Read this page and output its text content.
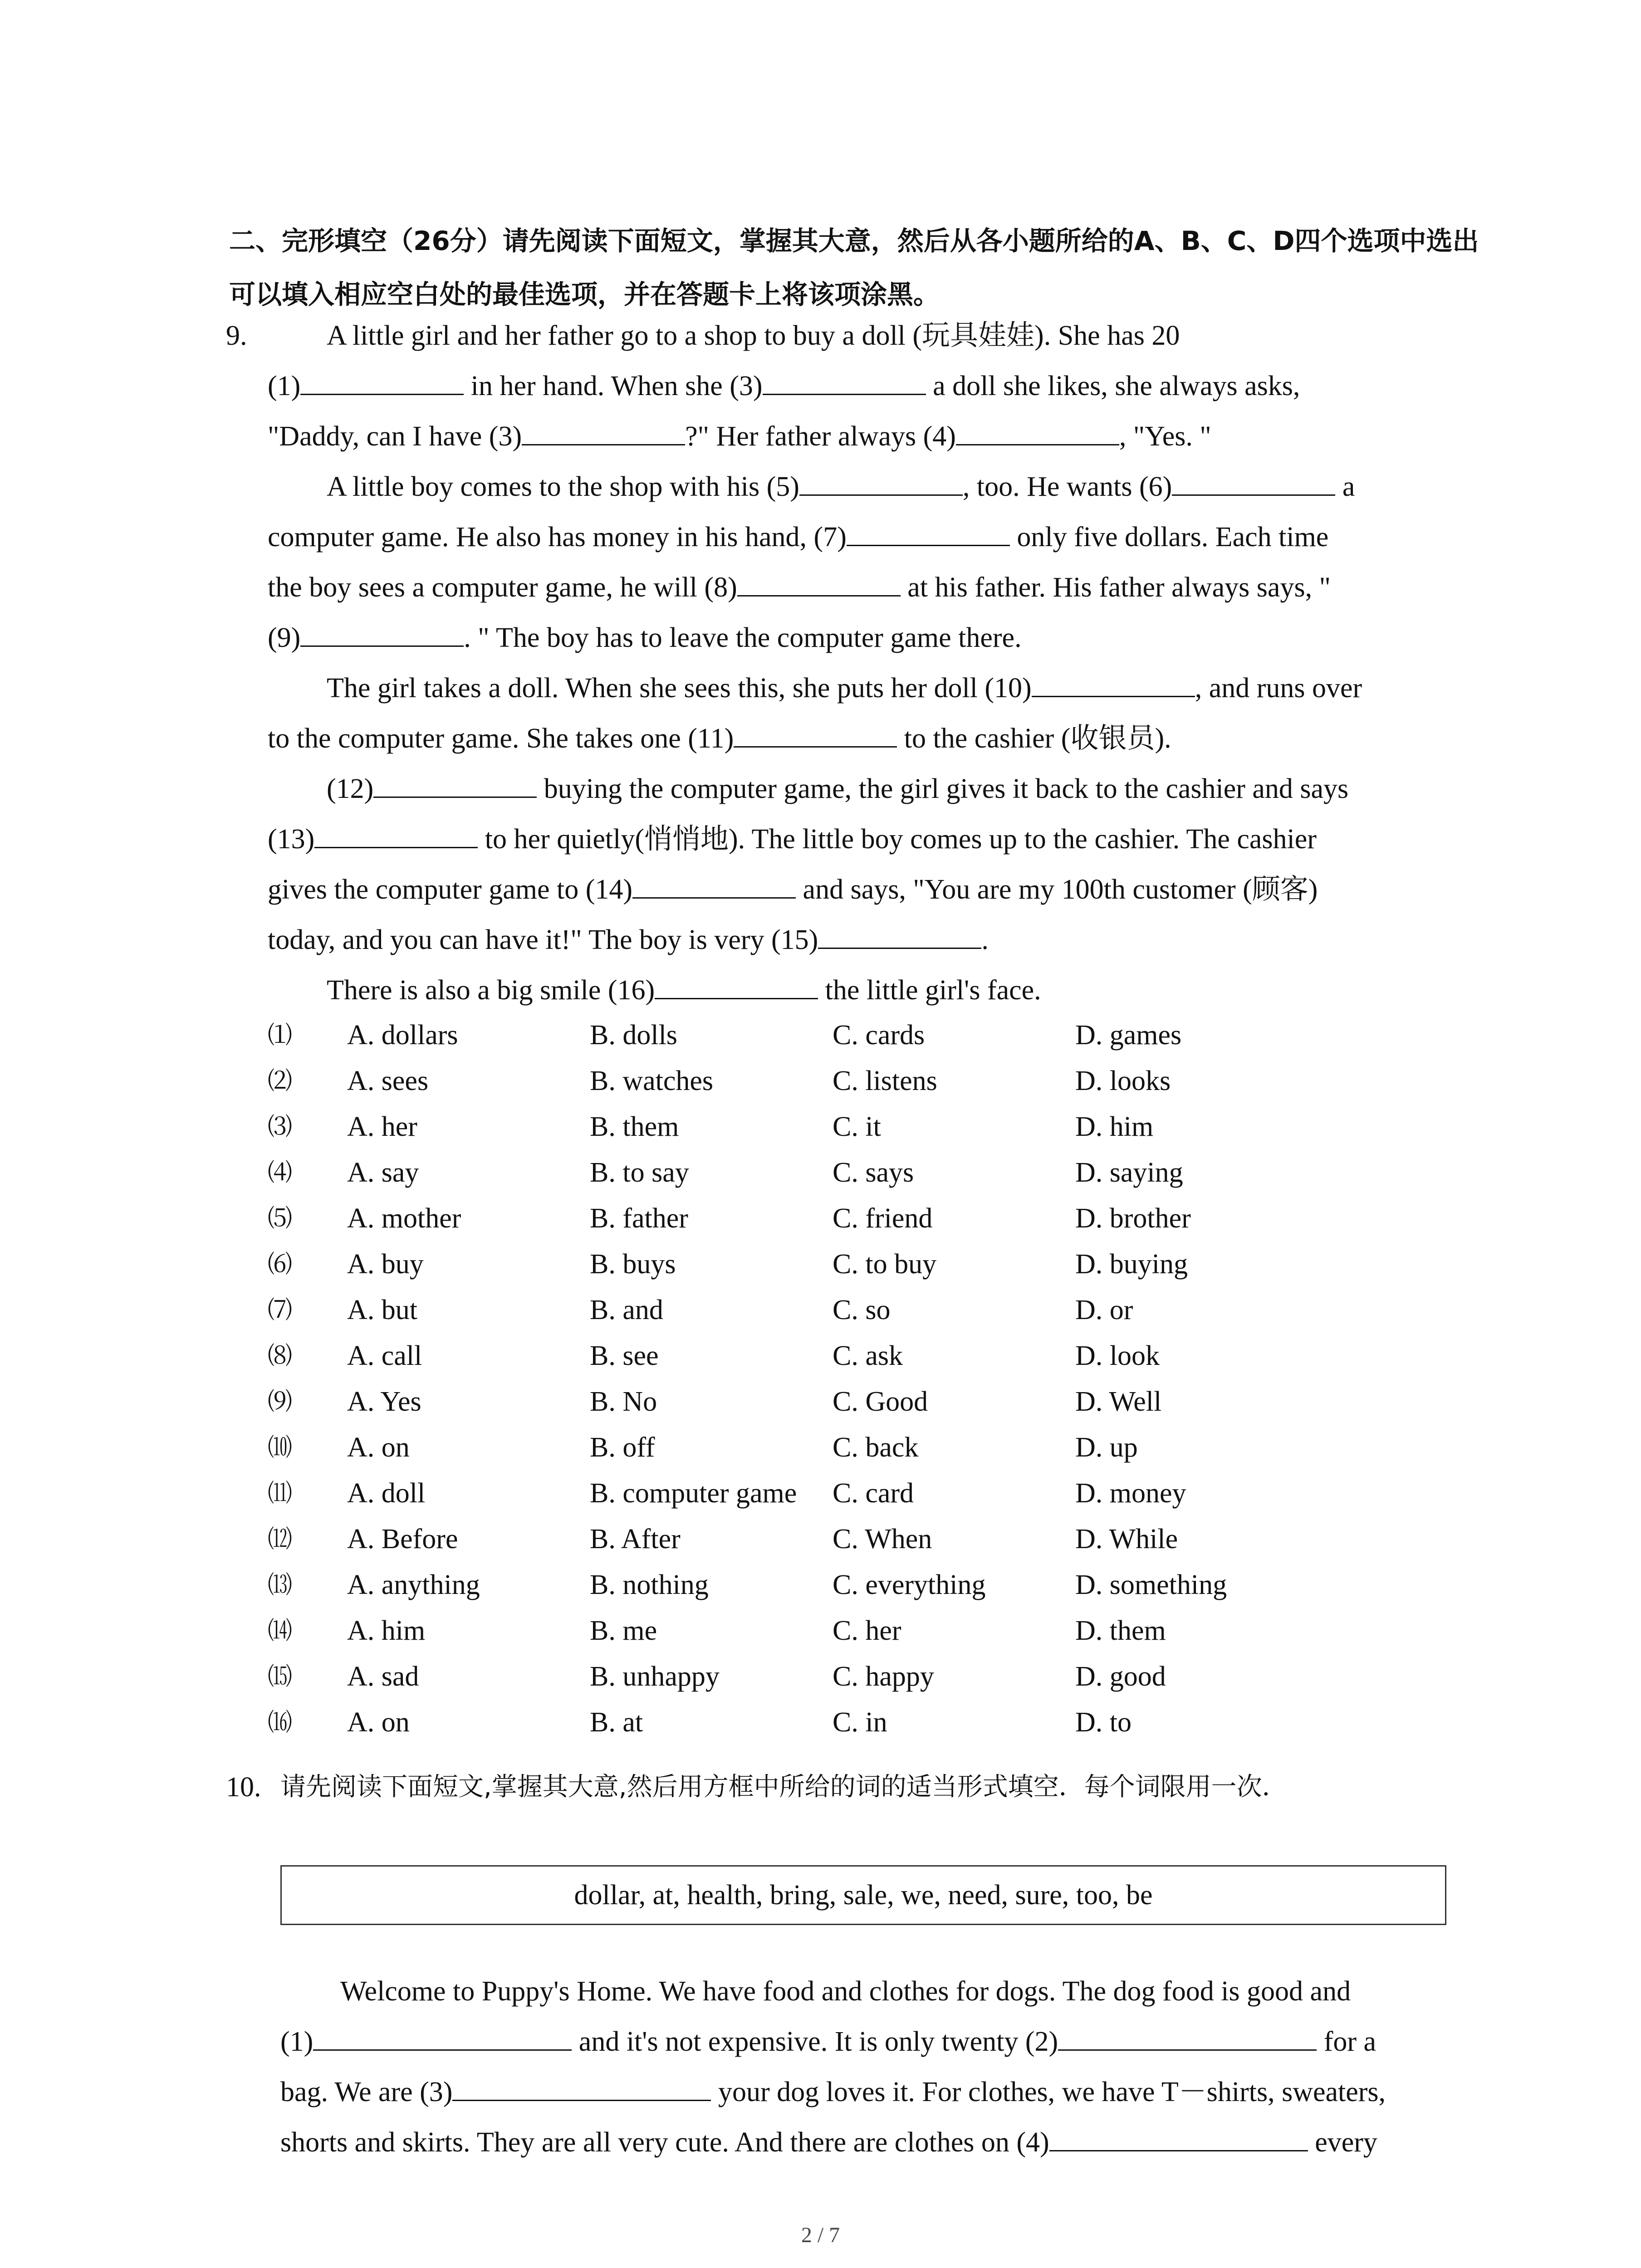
二、完形填空（26分）请先阅读下面短文，掌握其大意，然后从各小题所给的A、B、C、D四个选项中选出可以填入相应空白处的最佳选项，并在答题卡上将该项涂黑。
9.	A little girl and her father go to a shop to buy a doll (玩具娃娃). She has 20
(1)	in her hand. When she (3)	a doll she likes, she always asks,
"Daddy, can I have (3)	?" Her father always (4)	, "Yes. "
A little boy comes to the shop with his (5)	, too. He wants (6)	a
computer game. He also has money in his hand, (7)	only five dollars. Each time
the boy sees a computer game, he will (8)	at his father. His father always says, "
(9)	. " The boy has to leave the computer game there.
The girl takes a doll. When she sees this, she puts her doll (10)	, and runs over
to the computer game. She takes one (11)	to the cashier (收银员).
(12)	buying the computer game, the girl gives it back to the cashier and says
(13)	to her quietly(悄悄地). The little boy comes up to the cashier. The cashier
gives the computer game to (14)	and says, "You are my 100th customer (顾客)
today, and you can have it!" The boy is very (15)	.
There is also a big smile (16)	the little girl's face.
⑴ A. dollars	B. dolls	C. cards	D. games
⑵ A. sees	B. watches	C. listens	D. looks
⑶ A. her	B. them	C. it	D. him
⑷ A. say	B. to say	C. says	D. saying
⑸ A. mother	B. father	C. friend	D. brother
⑹ A. buy	B. buys	C. to buy	D. buying
⑺ A. but	B. and	C. so	D. or
⑻ A. call	B. see	C. ask	D. look
⑼ A. Yes	B. No	C. Good	D. Well
⑽ A. on	B. off	C. back	D. up
⑾ A. doll	B. computer game C. card	D. money
⑿ A. Before	B. After	C. When	D. While
⒀ A. anything	B. nothing	C. everything	D. something
⒁ A. him	B. me	C. her	D. them
⒂ A. sad	B. unhappy	C. happy	D. good
⒃ A. on	B. at	C. in	D. to
10. 请先阅读下面短文,掌握其大意,然后用方框中所给的词的适当形式填空．每个词限用一次．
dollar, at, health, bring, sale, we, need, sure, too, be
Welcome to Puppy's Home. We have food and clothes for dogs. The dog food is good and
(1)	and it's not expensive. It is only twenty (2)	for a
bag. We are (3)	your dog loves it. For clothes, we have T－shirts, sweaters,
shorts and skirts. They are all very cute. And there are clothes on (4)	every
2 / 7
